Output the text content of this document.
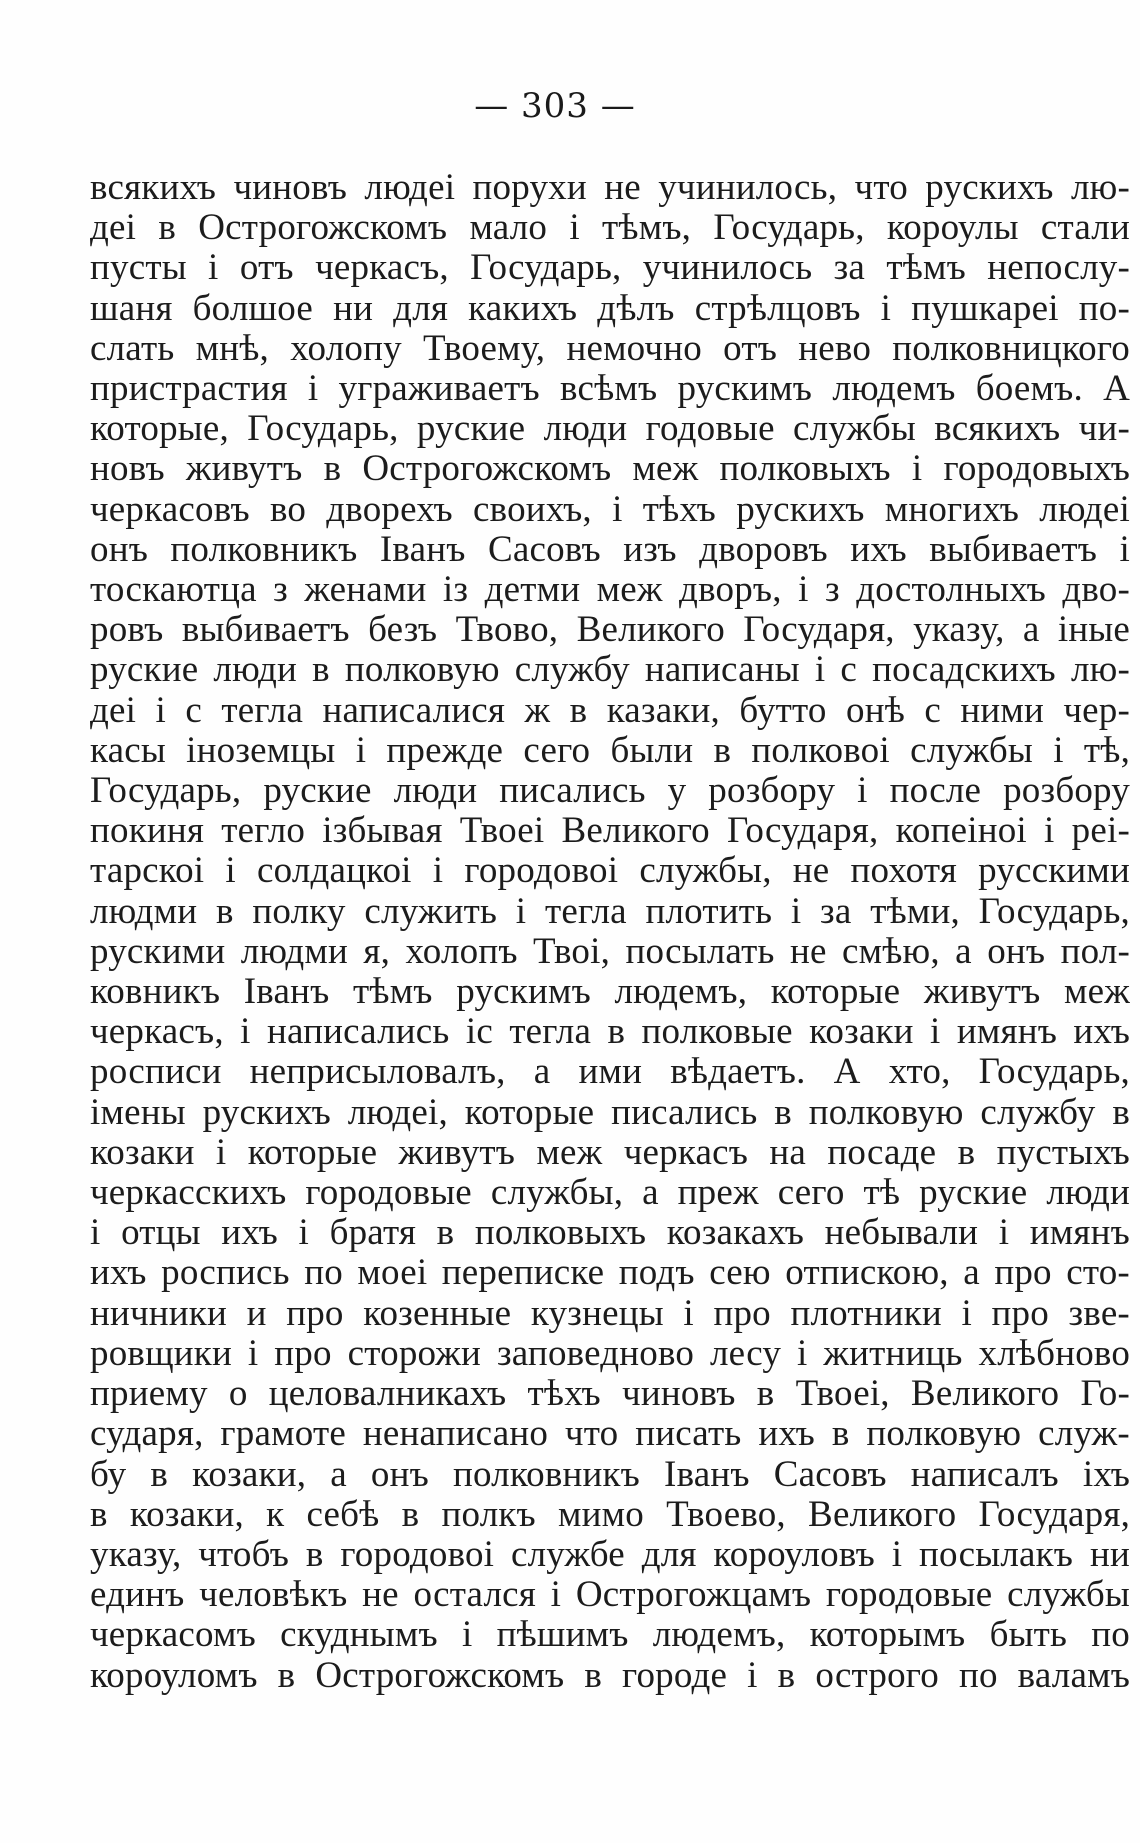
— 303 —
всякихъ чиновъ людеі порухи не учинилось, что рускихъ лю-
деі в Острогожскомъ мало і тѣмъ, Государь, короулы стали
пусты і отъ черкасъ, Государь, учинилось за тѣмъ непослу-
шаня болшое ни для какихъ дѣлъ стрѣлцовъ і пушкареі по-
слать мнѣ, холопу Твоему, немочно отъ нево полковницкого
пристрастия і уграживаетъ всѣмъ рускимъ людемъ боемъ. А
которые, Государь, руские люди годовые службы всякихъ чи-
новъ живутъ в Острогожскомъ меж полковыхъ і городовыхъ
черкасовъ во дворехъ своихъ, і тѣхъ рускихъ многихъ людеі
онъ полковникъ Іванъ Сасовъ изъ дворовъ ихъ выбиваетъ і
тоскаютца з женами із детми меж дворъ, і з достолныхъ дво-
ровъ выбиваетъ безъ Твово, Великого Государя, указу, а іные
руские люди в полковую службу написаны і с посадскихъ лю-
деі і с тегла написалися ж в казаки, бутто онѣ с ними чер-
касы іноземцы і прежде сего были в полковоі службы і тѣ,
Государь, руские люди писались у розбору і после розбору
покиня тегло ізбывая Твоеі Великого Государя, копеіноі і реі-
тарскоі і солдацкоі і городовоі службы, не похотя русскими
людми в полку служить і тегла плотить і за тѣми, Государь,
рускими людми я, холопъ Твоі, посылать не смѣю, а онъ пол-
ковникъ Іванъ тѣмъ рускимъ людемъ, которые живутъ меж
черкасъ, і написались іс тегла в полковые козаки і имянъ ихъ
росписи неприсыловалъ, а ими вѣдаетъ. А хто, Государь,
імены рускихъ людеі, которые писались в полковую службу в
козаки і которые живутъ меж черкасъ на посаде в пустыхъ
черкасскихъ городовые службы, а преж сего тѣ руские люди
і отцы ихъ і братя в полковыхъ козакахъ небывали і имянъ
ихъ роспись по моеі переписке подъ сею отпискою, а про сто-
ничники и про козенные кузнецы і про плотники і про зве-
ровщики і про сторожи заповедново лесу і житниць хлѣбново
приему о целовалникахъ тѣхъ чиновъ в Твоеі, Великого Го-
сударя, грамоте ненаписано что писать ихъ в полковую служ-
бу в козаки, а онъ полковникъ Іванъ Сасовъ написалъ іхъ
в козаки, к себѣ в полкъ мимо Твоево, Великого Государя,
указу, чтобъ в городовоі службе для короуловъ і посылакъ ни
единъ человѣкъ не остался і Острогожцамъ городовые службы
черкасомъ скуднымъ і пѣшимъ людемъ, которымъ быть по
короуломъ в Острогожскомъ в городе і в острого по валамъ
